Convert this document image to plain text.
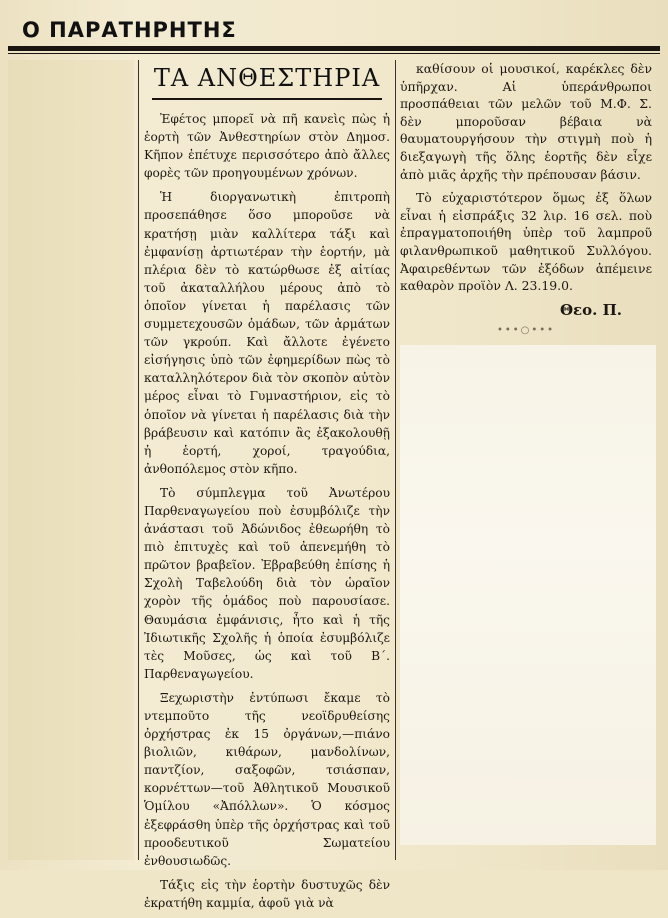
Ο ΠΑΡΑΤΗΡΗΤΗΣ
ΤΑ ΑΝΘΕΣΤΗΡΙΑ

Ἐφέτος μπορεῖ νὰ πῆ κανεὶς πὼς ἡ ἑορτὴ τῶν Ἀνθεστηρίων στὸν Δημοσ. Κῆπον ἐπέτυχε περισσότερο ἀπὸ ἄλλες φορὲς τῶν προηγουμένων χρόνων.

Ἡ διοργανωτικὴ ἐπιτροπὴ προσεπάθησε ὅσο μποροῦσε νὰ κρατήσῃ μιὰν καλλίτερα τάξι καὶ ἐμφανίσῃ ἀρτιωτέραν τὴν ἑορτήν, μὰ πλέρια δὲν τὸ κατώρθωσε ἐξ αἰτίας τοῦ ἀκαταλλήλου μέρους ἀπὸ τὸ ὁποῖον γίνεται ἡ παρέλασις τῶν συμμετεχουσῶν ὁμάδων, τῶν ἁρμάτων τῶν γκρούπ. Καὶ ἄλλοτε ἐγένετο εἰσήγησις ὑπὸ τῶν ἐφημερίδων πὼς τὸ καταλληλότερον διὰ τὸν σκοπὸν αὐτὸν μέρος εἶναι τὸ Γυμναστήριον, εἰς τὸ ὁποῖον νὰ γίνεται ἡ παρέλασις διὰ τὴν βράβευσιν καὶ κατόπιν ἂς ἐξακολουθῇ ἡ ἑορτή, χοροί, τραγούδια, ἀνθοπόλεμος στὸν κῆπο.

Τὸ σύμπλεγμα τοῦ Ἀνωτέρου Παρθεναγωγείου ποὺ ἐσυμβόλιζε τὴν ἀνάστασι τοῦ Ἀδώνιδος ἐθεωρήθη τὸ πιὸ ἐπιτυχὲς καὶ τοῦ ἀπενεμήθη τὸ πρῶτον βραβεῖον. Ἐβραβεύθη ἐπίσης ἡ Σχολὴ Ταβελούδη διὰ τὸν ὡραῖον χορὸν τῆς ὁμάδος ποὺ παρουσίασε. Θαυμάσια ἐμφάνισις, ἦτο καὶ ἡ τῆς Ἰδιωτικῆς Σχολῆς ἡ ὁποία ἐσυμβόλιζε τὲς Μοῦσες, ὡς καὶ τοῦ Β΄. Παρθεναγωγείου.

Ξεχωριστὴν ἐντύπωσι ἔκαμε τὸ ντεμποῦτο τῆς νεοϊδρυθείσης ὀρχήστρας ἐκ 15 ὀργάνων,—πιάνο βιολιῶν, κιθάρων, μανδολίνων, παντζίον, σαξοφῶν, τσιάσπαν, κορνέττων—τοῦ Ἀθλητικοῦ Μουσικοῦ Ὁμίλου «Ἀπόλλων». Ὁ κόσμος ἐξεφράσθη ὑπὲρ τῆς ὀρχήστρας καὶ τοῦ προοδευτικοῦ Σωματείου ἐνθουσιωδῶς.

Τάξις εἰς τὴν ἑορτὴν δυστυχῶς δὲν ἐκρατήθη καμμία, ἀφοῦ γιὰ νὰ

καθίσουν οἱ μουσικοί, καρέκλες δὲν ὑπῆρχαν. Αἱ ὑπεράνθρωποι προσπάθειαι τῶν μελῶν τοῦ Μ.Φ. Σ. δὲν μποροῦσαν βέβαια νὰ θαυματουργήσουν τὴν στιγμὴ ποὺ ἡ διεξαγωγὴ τῆς ὅλης ἑορτῆς δὲν εἶχε ἀπὸ μιᾶς ἀρχῆς τὴν πρέπουσαν βάσιν.

Τὸ εὐχαριστότερον ὅμως ἐξ ὅλων εἶναι ἡ εἰσπράξις 32 λιρ. 16 σελ. ποὺ ἐπραγματοποιήθη ὑπὲρ τοῦ λαμπροῦ φιλανθρωπικοῦ μαθητικοῦ Συλλόγου. Ἀφαιρεθέντων τῶν ἐξόδων ἀπέμεινε καθαρὸν προϊὸν Λ. 23.19.0.

Θεο. Π.
•••○•••
